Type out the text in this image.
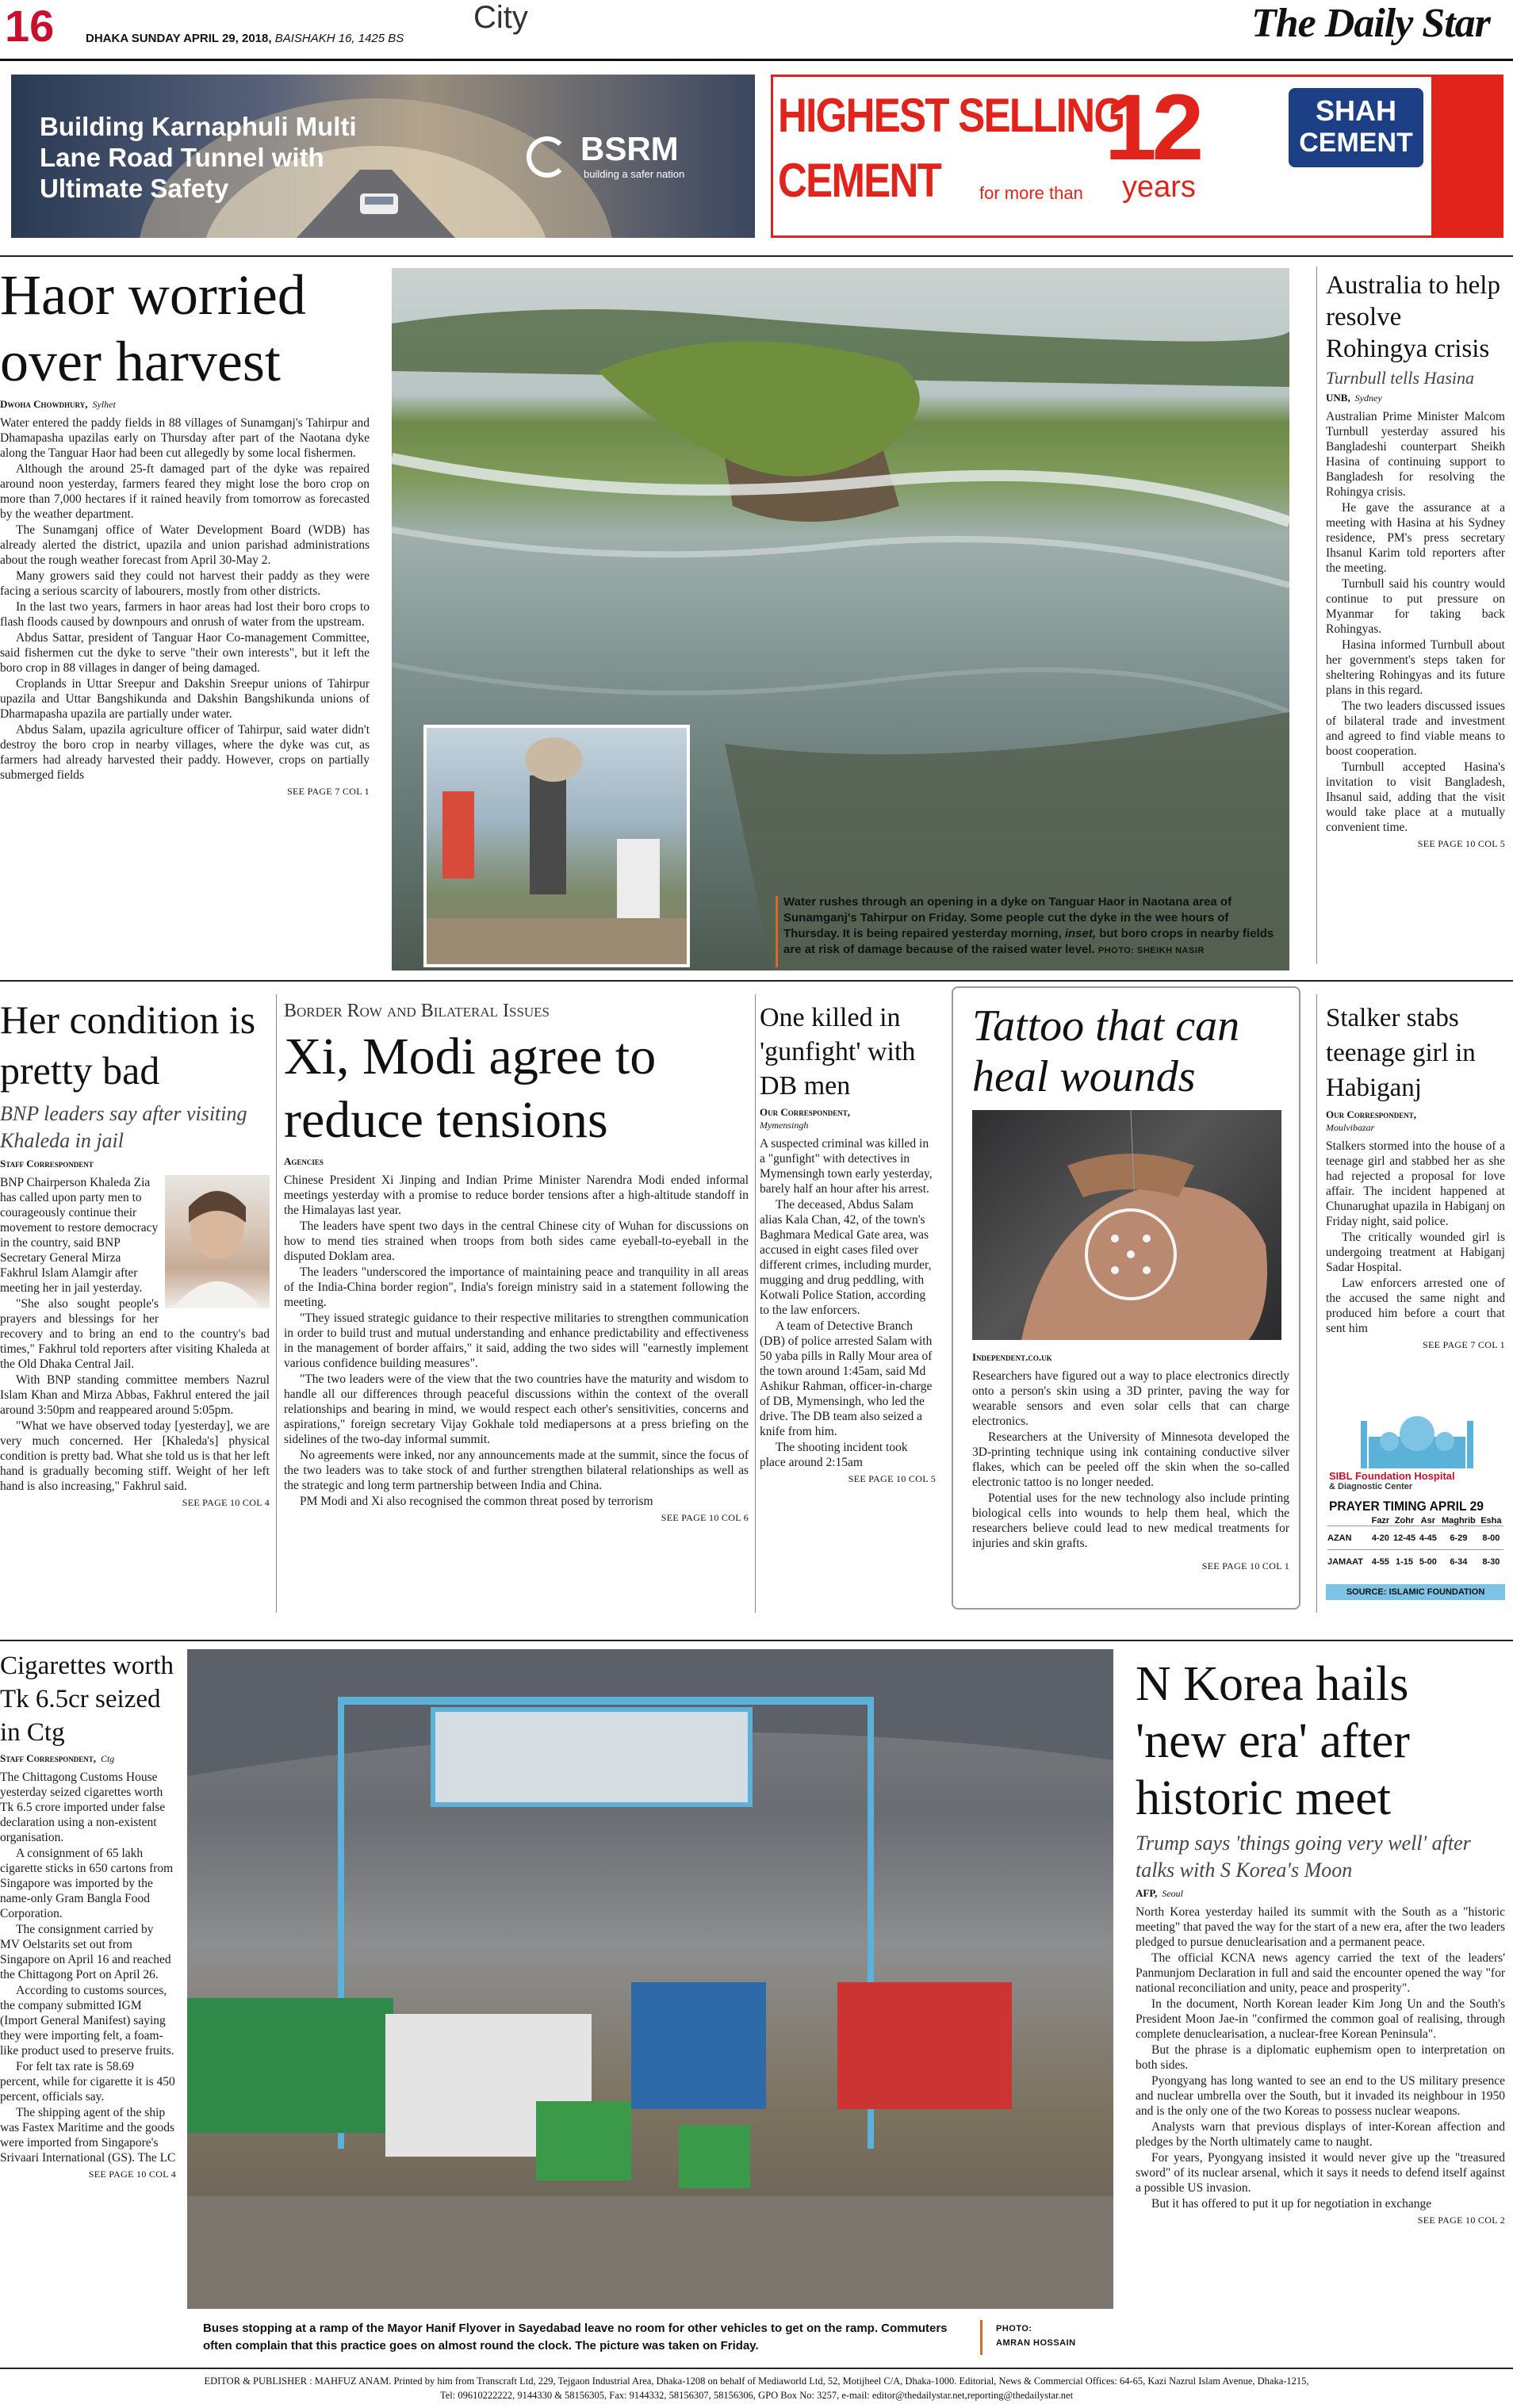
16	DHAKA SUNDAY APRIL 29, 2018, BAISHAKH 16, 1425 BS
City	The Daily Star
Building Karnaphuli Multi Lane Road Tunnel with Ultimate Safety
BSRM
building a safer nation
HIGHEST SELLING
CEMENT for more than
12
years
SHAH
CEMENT
Haor worried over harvest
Dwoha Chowdhury, Sylhet

Water entered the paddy fields in 88 villages of Sunamganj's Tahirpur and Dhamapasha upazilas early on Thursday after part of the Naotana dyke along the Tanguar Haor had been cut allegedly by some local fishermen.

Although the around 25-ft damaged part of the dyke was repaired around noon yesterday, farmers feared they might lose the boro crop on more than 7,000 hectares if it rained heavily from tomorrow as forecasted by the weather department.

The Sunamganj office of Water Development Board (WDB) has already alerted the district, upazila and union parishad administrations about the rough weather forecast from April 30-May 2.

Many growers said they could not harvest their paddy as they were facing a serious scarcity of labourers, mostly from other districts.

In the last two years, farmers in haor areas had lost their boro crops to flash floods caused by downpours and onrush of water from the upstream.

Abdus Sattar, president of Tanguar Haor Co-management Committee, said fishermen cut the dyke to serve "their own interests", but it left the boro crop in 88 villages in danger of being damaged.

Croplands in Uttar Sreepur and Dakshin Sreepur unions of Tahirpur upazila and Uttar Bangshikunda and Dakshin Bangshikunda unions of Dharmapasha upazila are partially under water.

Abdus Salam, upazila agriculture officer of Tahirpur, said water didn't destroy the boro crop in nearby villages, where the dyke was cut, as farmers had already harvested their paddy. However, crops on partially submerged fields

SEE PAGE 7 COL 1
Water rushes through an opening in a dyke on Tanguar Haor in Naotana area of Sunamganj's Tahirpur on Friday. Some people cut the dyke in the wee hours of Thursday. It is being repaired yesterday morning, inset, but boro crops in nearby fields are at risk of damage because of the raised water level. PHOTO: SHEIKH NASIR
Australia to help resolve Rohingya crisis
Turnbull tells Hasina
UNB, Sydney

Australian Prime Minister Malcom Turnbull yesterday assured his Bangladeshi counterpart Sheikh Hasina of continuing support to Bangladesh for resolving the Rohingya crisis.

He gave the assurance at a meeting with Hasina at his Sydney residence, PM's press secretary Ihsanul Karim told reporters after the meeting.

Turnbull said his country would continue to put pressure on Myanmar for taking back Rohingyas.

Hasina informed Turnbull about her government's steps taken for sheltering Rohingyas and its future plans in this regard.

The two leaders discussed issues of bilateral trade and investment and agreed to find viable means to boost cooperation.

Turnbull accepted Hasina's invitation to visit Bangladesh, Ihsanul said, adding that the visit would take place at a mutually convenient time.

SEE PAGE 10 COL 5
Her condition is pretty bad
BNP leaders say after visiting Khaleda in jail
Staff Correspondent

BNP Chairperson Khaleda Zia has called upon party men to courageously continue their movement to restore democracy in the country, said BNP Secretary General Mirza Fakhrul Islam Alamgir after meeting her in jail yesterday.

"She also sought people's prayers and blessings for her recovery and to bring an end to the country's bad times," Fakhrul told reporters after visiting Khaleda at the Old Dhaka Central Jail.

With BNP standing committee members Nazrul Islam Khan and Mirza Abbas, Fakhrul entered the jail around 3:50pm and reappeared around 5:05pm.

"What we have observed today [yesterday], we are very much concerned. Her [Khaleda's] physical condition is pretty bad. What she told us is that her left hand is gradually becoming stiff. Weight of her left hand is also increasing," Fakhrul said.

SEE PAGE 10 COL 4
Border Row and Bilateral Issues
Xi, Modi agree to reduce tensions
Agencies

Chinese President Xi Jinping and Indian Prime Minister Narendra Modi ended informal meetings yesterday with a promise to reduce border tensions after a high-altitude standoff in the Himalayas last year.

The leaders have spent two days in the central Chinese city of Wuhan for discussions on how to mend ties strained when troops from both sides came eyeball-to-eyeball in the disputed Doklam area.

The leaders "underscored the importance of maintaining peace and tranquility in all areas of the India-China border region", India's foreign ministry said in a statement following the meeting.

"They issued strategic guidance to their respective militaries to strengthen communication in order to build trust and mutual understanding and enhance predictability and effectiveness in the management of border affairs," it said, adding the two sides will "earnestly implement various confidence building measures".

"The two leaders were of the view that the two countries have the maturity and wisdom to handle all our differences through peaceful discussions within the context of the overall relationships and bearing in mind, we would respect each other's sensitivities, concerns and aspirations," foreign secretary Vijay Gokhale told mediapersons at a press briefing on the sidelines of the two-day informal summit.

No agreements were inked, nor any announcements made at the summit, since the focus of the two leaders was to take stock of and further strengthen bilateral relationships as well as the strategic and long term partnership between India and China.

PM Modi and Xi also recognised the common threat posed by terrorism

SEE PAGE 10 COL 6
One killed in 'gunfight' with DB men
Our Correspondent,
Mymensingh

A suspected criminal was killed in a "gunfight" with detectives in Mymensingh town early yesterday, barely half an hour after his arrest.

The deceased, Abdus Salam alias Kala Chan, 42, of the town's Baghmara Medical Gate area, was accused in eight cases filed over different crimes, including murder, mugging and drug peddling, with Kotwali Police Station, according to the law enforcers.

A team of Detective Branch (DB) of police arrested Salam with 50 yaba pills in Rally Mour area of the town around 1:45am, said Md Ashikur Rahman, officer-in-charge of DB, Mymensingh, who led the drive. The DB team also seized a knife from him.

The shooting incident took place around 2:15am

SEE PAGE 10 COL 5
Tattoo that can heal wounds
Independent.co.uk

Researchers have figured out a way to place electronics directly onto a person's skin using a 3D printer, paving the way for wearable sensors and even solar cells that can charge electronics.

Researchers at the University of Minnesota developed the 3D-printing technique using ink containing conductive silver flakes, which can be peeled off the skin when the so-called electronic tattoo is no longer needed.

Potential uses for the new technology also include printing biological cells into wounds to help them heal, which the researchers believe could lead to new medical treatments for injuries and skin grafts.

SEE PAGE 10 COL 1
Stalker stabs teenage girl in Habiganj
Our Correspondent,
Moulvibazar

Stalkers stormed into the house of a teenage girl and stabbed her as she had rejected a proposal for love affair. The incident happened at Chunarughat upazila in Habiganj on Friday night, said police.

The critically wounded girl is undergoing treatment at Habiganj Sadar Hospital.

Law enforcers arrested one of the accused the same night and produced him before a court that sent him

SEE PAGE 7 COL 1
SIBL Foundation Hospital
& Diagnostic Center
PRAYER TIMING APRIL 29
	Fazr	Zohr	Asr	Maghrib	Esha
AZAN	4-20	12-45	4-45	6-29	8-00
JAMAAT	4-55	1-15	5-00	6-34	8-30
SOURCE: ISLAMIC FOUNDATION
Cigarettes worth Tk 6.5cr seized in Ctg
Staff Correspondent, Ctg

The Chittagong Customs House yesterday seized cigarettes worth Tk 6.5 crore imported under false declaration using a non-existent organisation.

A consignment of 65 lakh cigarette sticks in 650 cartons from Singapore was imported by the name-only Gram Bangla Food Corporation.

The consignment carried by MV Oelstarits set out from Singapore on April 16 and reached the Chittagong Port on April 26.

According to customs sources, the company submitted IGM (Import General Manifest) saying they were importing felt, a foam-like product used to preserve fruits.

For felt tax rate is 58.69 percent, while for cigarette it is 450 percent, officials say.

The shipping agent of the ship was Fastex Maritime and the goods were imported from Singapore's Srivaari International (GS). The LC

SEE PAGE 10 COL 4
Buses stopping at a ramp of the Mayor Hanif Flyover in Sayedabad leave no room for other vehicles to get on the ramp. Commuters often complain that this practice goes on almost round the clock. The picture was taken on Friday.
PHOTO:
AMRAN HOSSAIN
N Korea hails 'new era' after historic meet
Trump says 'things going very well' after talks with S Korea's Moon
AFP, Seoul

North Korea yesterday hailed its summit with the South as a "historic meeting" that paved the way for the start of a new era, after the two leaders pledged to pursue denuclearisation and a permanent peace.

The official KCNA news agency carried the text of the leaders' Panmunjom Declaration in full and said the encounter opened the way "for national reconciliation and unity, peace and prosperity".

In the document, North Korean leader Kim Jong Un and the South's President Moon Jae-in "confirmed the common goal of realising, through complete denuclearisation, a nuclear-free Korean Peninsula".

But the phrase is a diplomatic euphemism open to interpretation on both sides.

Pyongyang has long wanted to see an end to the US military presence and nuclear umbrella over the South, but it invaded its neighbour in 1950 and is the only one of the two Koreas to possess nuclear weapons.

Analysts warn that previous displays of inter-Korean affection and pledges by the North ultimately came to naught.

For years, Pyongyang insisted it would never give up the "treasured sword" of its nuclear arsenal, which it says it needs to defend itself against a possible US invasion.

But it has offered to put it up for negotiation in exchange

SEE PAGE 10 COL 2
EDITOR & PUBLISHER : MAHFUZ ANAM. Printed by him from Transcraft Ltd, 229, Tejgaon Industrial Area, Dhaka-1208 on behalf of Mediaworld Ltd, 52, Motijheel C/A, Dhaka-1000. Editorial, News & Commercial Offices: 64-65, Kazi Nazrul Islam Avenue, Dhaka-1215,
Tel: 09610222222, 9144330 & 58156305, Fax: 9144332, 58156307, 58156306, GPO Box No: 3257, e-mail: editor@thedailystar.net,reporting@thedailystar.net
